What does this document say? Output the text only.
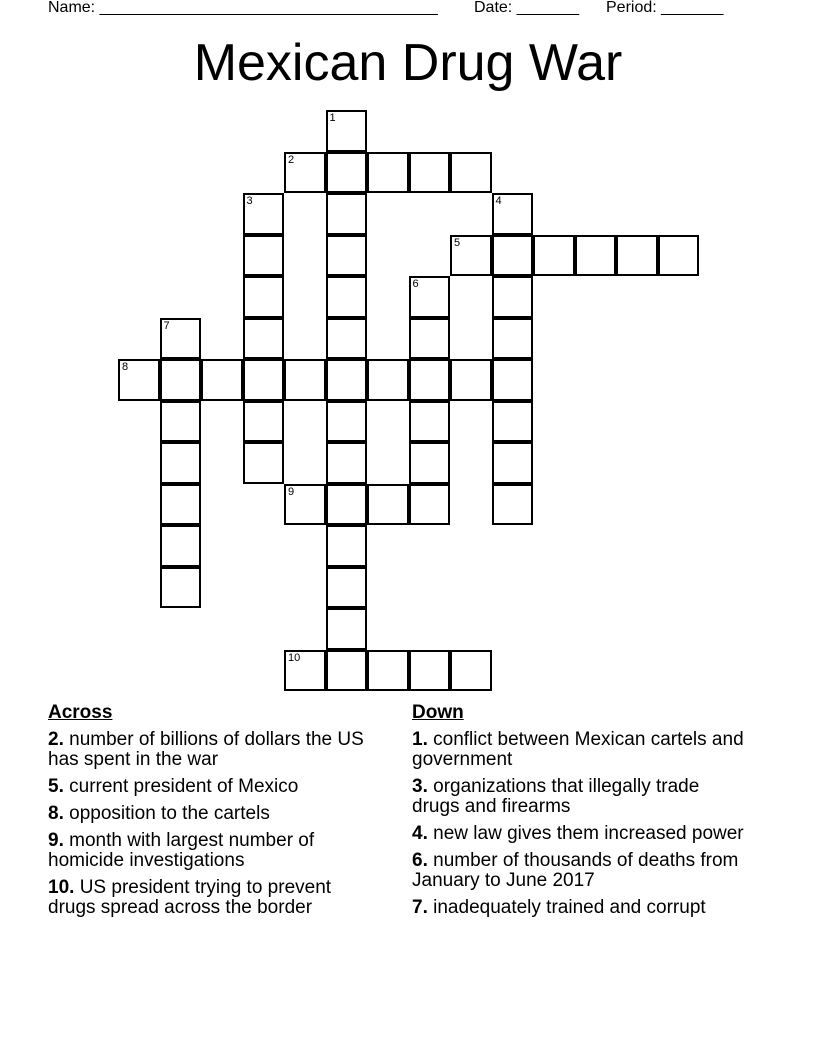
Name: ______________________________________ Date: _______ Period: _______
Mexican Drug War
1
2
3	4
5
6
7
8
9
10
Across
2. number of billions of dollars the US has spent in the war
5. current president of Mexico
8. opposition to the cartels
9. month with largest number of homicide investigations
10. US president trying to prevent drugs spread across the border
Down
1. conflict between Mexican cartels and government
3. organizations that illegally trade drugs and firearms
4. new law gives them increased power
6. number of thousands of deaths from January to June 2017
7. inadequately trained and corrupt
